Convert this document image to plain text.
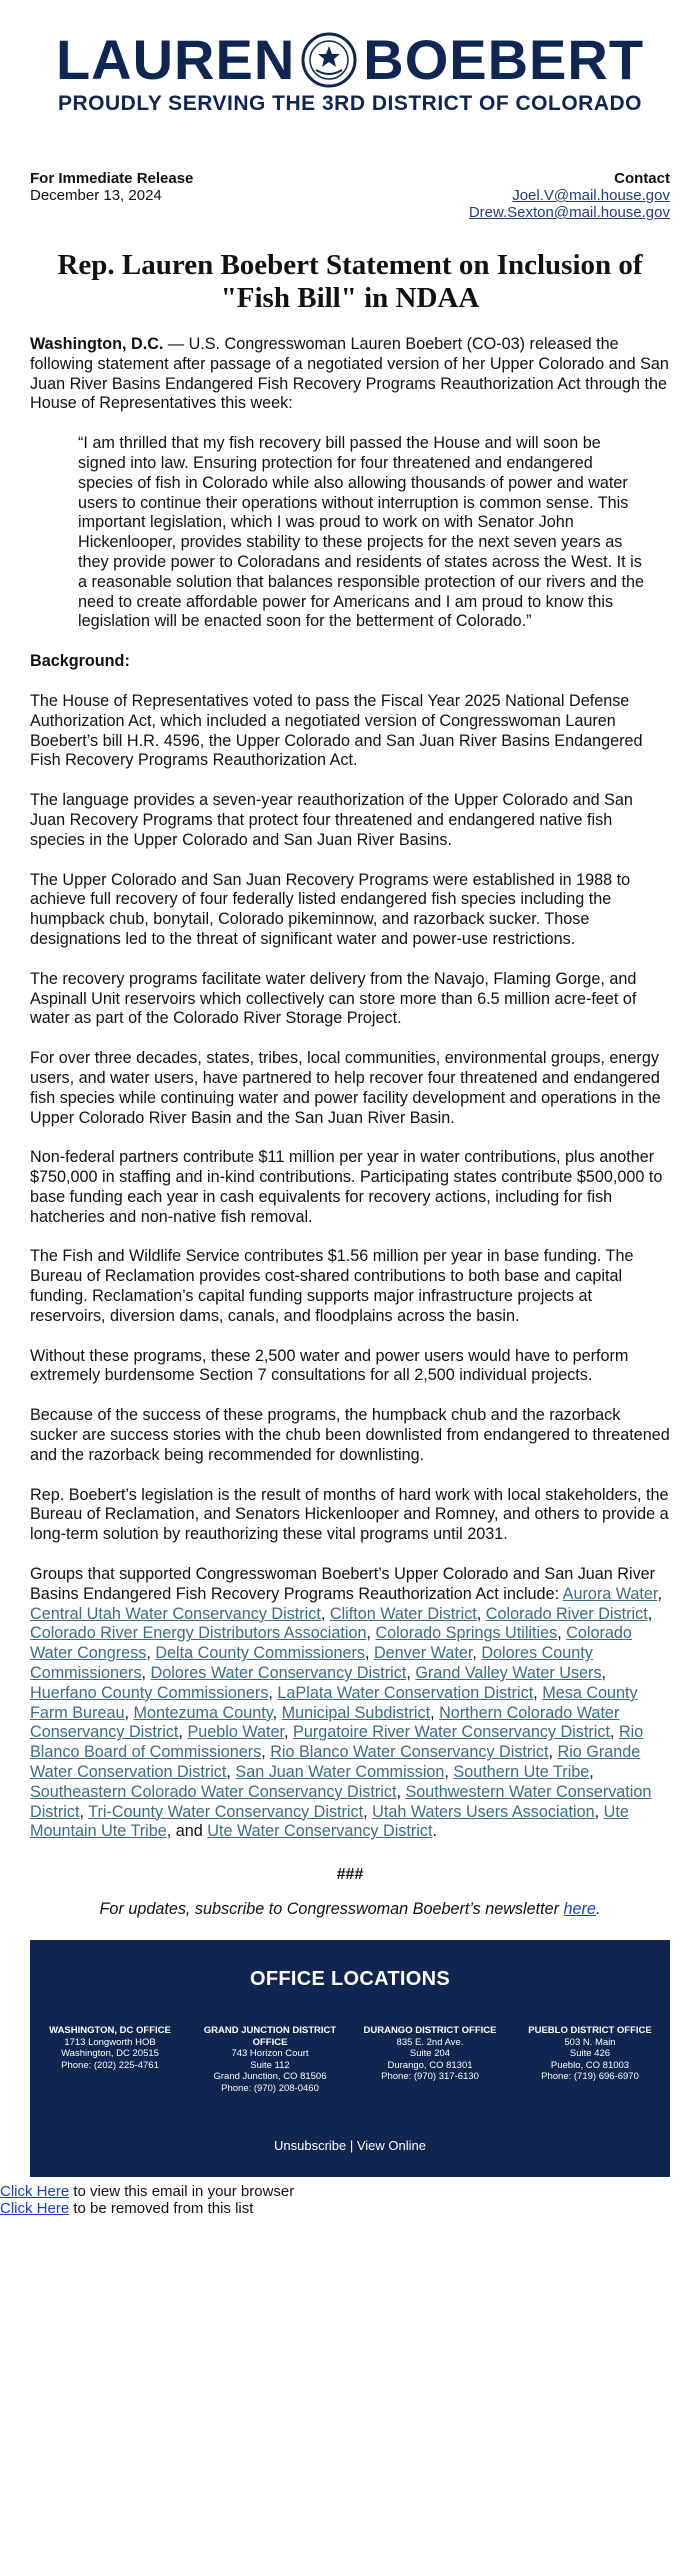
LAUREN BOEBERT
PROUDLY SERVING THE 3RD DISTRICT OF COLORADO
For Immediate Release
December 13, 2024
Contact
Joel.V@mail.house.gov
Drew.Sexton@mail.house.gov
Rep. Lauren Boebert Statement on Inclusion of "Fish Bill" in NDAA

Washington, D.C. — U.S. Congresswoman Lauren Boebert (CO-03) released the following statement after passage of a negotiated version of her Upper Colorado and San Juan River Basins Endangered Fish Recovery Programs Reauthorization Act through the House of Representatives this week:

“I am thrilled that my fish recovery bill passed the House and will soon be signed into law. Ensuring protection for four threatened and endangered species of fish in Colorado while also allowing thousands of power and water users to continue their operations without interruption is common sense. This important legislation, which I was proud to work on with Senator John Hickenlooper, provides stability to these projects for the next seven years as they provide power to Coloradans and residents of states across the West. It is a reasonable solution that balances responsible protection of our rivers and the need to create affordable power for Americans and I am proud to know this legislation will be enacted soon for the betterment of Colorado.”

Background:

The House of Representatives voted to pass the Fiscal Year 2025 National Defense Authorization Act, which included a negotiated version of Congresswoman Lauren Boebert’s bill H.R. 4596, the Upper Colorado and San Juan River Basins Endangered Fish Recovery Programs Reauthorization Act.

The language provides a seven-year reauthorization of the Upper Colorado and San Juan Recovery Programs that protect four threatened and endangered native fish species in the Upper Colorado and San Juan River Basins.

The Upper Colorado and San Juan Recovery Programs were established in 1988 to achieve full recovery of four federally listed endangered fish species including the humpback chub, bonytail, Colorado pikeminnow, and razorback sucker. Those designations led to the threat of significant water and power-use restrictions.

The recovery programs facilitate water delivery from the Navajo, Flaming Gorge, and Aspinall Unit reservoirs which collectively can store more than 6.5 million acre-feet of water as part of the Colorado River Storage Project.

For over three decades, states, tribes, local communities, environmental groups, energy users, and water users, have partnered to help recover four threatened and endangered fish species while continuing water and power facility development and operations in the Upper Colorado River Basin and the San Juan River Basin.

Non-federal partners contribute $11 million per year in water contributions, plus another $750,000 in staffing and in-kind contributions. Participating states contribute $500,000 to base funding each year in cash equivalents for recovery actions, including for fish hatcheries and non-native fish removal.

The Fish and Wildlife Service contributes $1.56 million per year in base funding. The Bureau of Reclamation provides cost-shared contributions to both base and capital funding. Reclamation’s capital funding supports major infrastructure projects at reservoirs, diversion dams, canals, and floodplains across the basin.

Without these programs, these 2,500 water and power users would have to perform extremely burdensome Section 7 consultations for all 2,500 individual projects.

Because of the success of these programs, the humpback chub and the razorback sucker are success stories with the chub been downlisted from endangered to threatened and the razorback being recommended for downlisting.

Rep. Boebert’s legislation is the result of months of hard work with local stakeholders, the Bureau of Reclamation, and Senators Hickenlooper and Romney, and others to provide a long-term solution by reauthorizing these vital programs until 2031.

Groups that supported Congresswoman Boebert’s Upper Colorado and San Juan River Basins Endangered Fish Recovery Programs Reauthorization Act include: Aurora Water, Central Utah Water Conservancy District, Clifton Water District, Colorado River District, Colorado River Energy Distributors Association, Colorado Springs Utilities, Colorado Water Congress, Delta County Commissioners, Denver Water, Dolores County Commissioners, Dolores Water Conservancy District, Grand Valley Water Users, Huerfano County Commissioners, LaPlata Water Conservation District, Mesa County Farm Bureau, Montezuma County, Municipal Subdistrict, Northern Colorado Water Conservancy District, Pueblo Water, Purgatoire River Water Conservancy District, Rio Blanco Board of Commissioners, Rio Blanco Water Conservancy District, Rio Grande Water Conservation District, San Juan Water Commission, Southern Ute Tribe, Southeastern Colorado Water Conservancy District, Southwestern Water Conservation District, Tri-County Water Conservancy District, Utah Waters Users Association, Ute Mountain Ute Tribe, and Ute Water Conservancy District.

###

For updates, subscribe to Congresswoman Boebert’s newsletter here.

OFFICE LOCATIONS
WASHINGTON, DC OFFICE
1713 Longworth HOB
Washington, DC 20515
Phone: (202) 225-4761
GRAND JUNCTION DISTRICT OFFICE
743 Horizon Court
Suite 112
Grand Junction, CO 81506
Phone: (970) 208-0460
DURANGO DISTRICT OFFICE
835 E. 2nd Ave.
Suite 204
Durango, CO 81301
Phone: (970) 317-6130
PUEBLO DISTRICT OFFICE
503 N. Main
Suite 426
Pueblo, CO 81003
Phone: (719) 696-6970
Unsubscribe | View Online
Click Here to view this email in your browser
Click Here to be removed from this list
